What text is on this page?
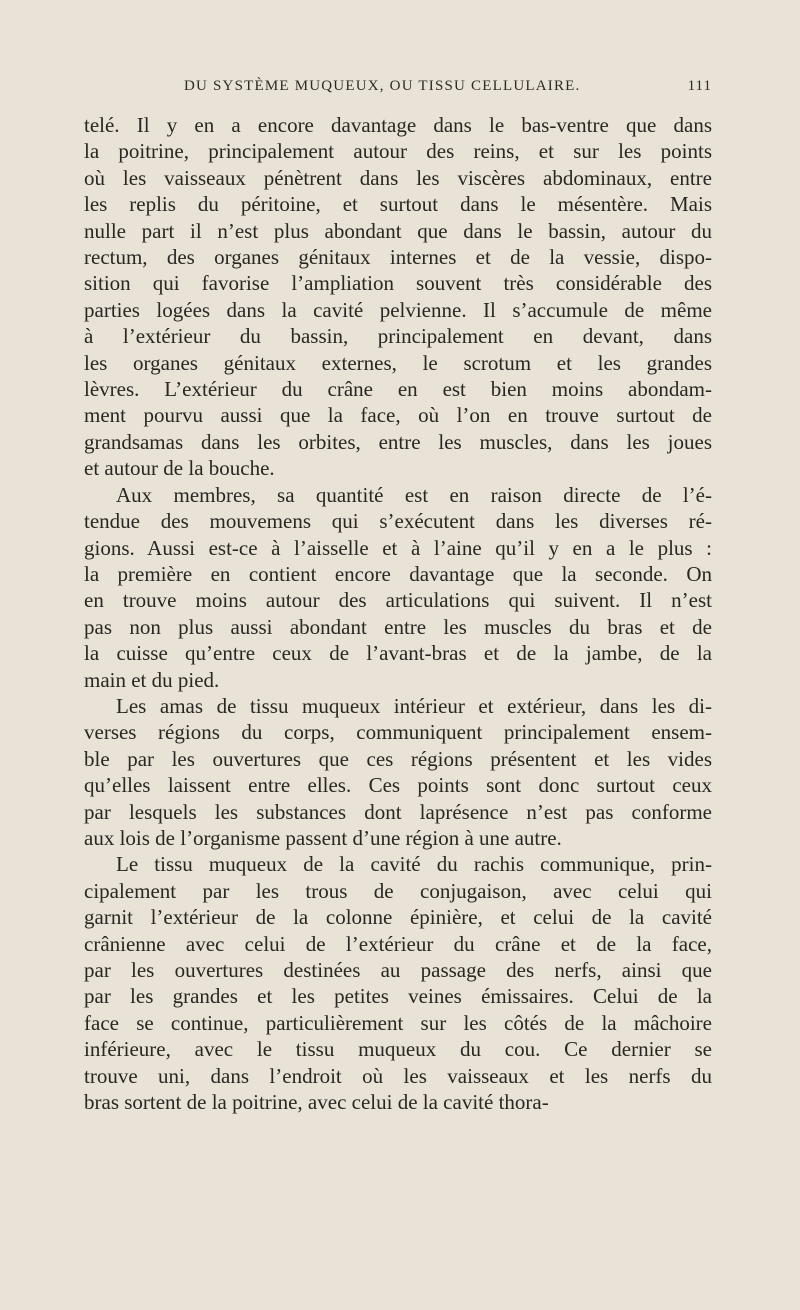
DU SYSTÈME MUQUEUX, OU TISSU CELLULAIRE.	111

telé. Il y en a encore davantage dans le bas-ventre que dans
la poitrine, principalement autour des reins, et sur les points
où les vaisseaux pénètrent dans les viscères abdominaux, entre
les replis du péritoine, et surtout dans le mésentère. Mais
nulle part il n’est plus abondant que dans le bassin, autour du
rectum, des organes génitaux internes et de la vessie, dispo-
sition qui favorise l’ampliation souvent très considérable des
parties logées dans la cavité pelvienne. Il s’accumule de même
à l’extérieur du bassin, principalement en devant, dans
les organes génitaux externes, le scrotum et les grandes
lèvres. L’extérieur du crâne en est bien moins abondam-
ment pourvu aussi que la face, où l’on en trouve surtout de
grandsamas dans les orbites, entre les muscles, dans les joues
et autour de la bouche.

Aux membres, sa quantité est en raison directe de l’é-
tendue des mouvemens qui s’exécutent dans les diverses ré-
gions. Aussi est-ce à l’aisselle et à l’aine qu’il y en a le plus :
la première en contient encore davantage que la seconde. On
en trouve moins autour des articulations qui suivent. Il n’est
pas non plus aussi abondant entre les muscles du bras et de
la cuisse qu’entre ceux de l’avant-bras et de la jambe, de la
main et du pied.

Les amas de tissu muqueux intérieur et extérieur, dans les di-
verses régions du corps, communiquent principalement ensem-
ble par les ouvertures que ces régions présentent et les vides
qu’elles laissent entre elles. Ces points sont donc surtout ceux
par lesquels les substances dont laprésence n’est pas conforme
aux lois de l’organisme passent d’une région à une autre.

Le tissu muqueux de la cavité du rachis communique, prin-
cipalement par les trous de conjugaison, avec celui qui
garnit l’extérieur de la colonne épinière, et celui de la cavité
crânienne avec celui de l’extérieur du crâne et de la face,
par les ouvertures destinées au passage des nerfs, ainsi que
par les grandes et les petites veines émissaires. Celui de la
face se continue, particulièrement sur les côtés de la mâchoire
inférieure, avec le tissu muqueux du cou. Ce dernier se
trouve uni, dans l’endroit où les vaisseaux et les nerfs du
bras sortent de la poitrine, avec celui de la cavité thora-
